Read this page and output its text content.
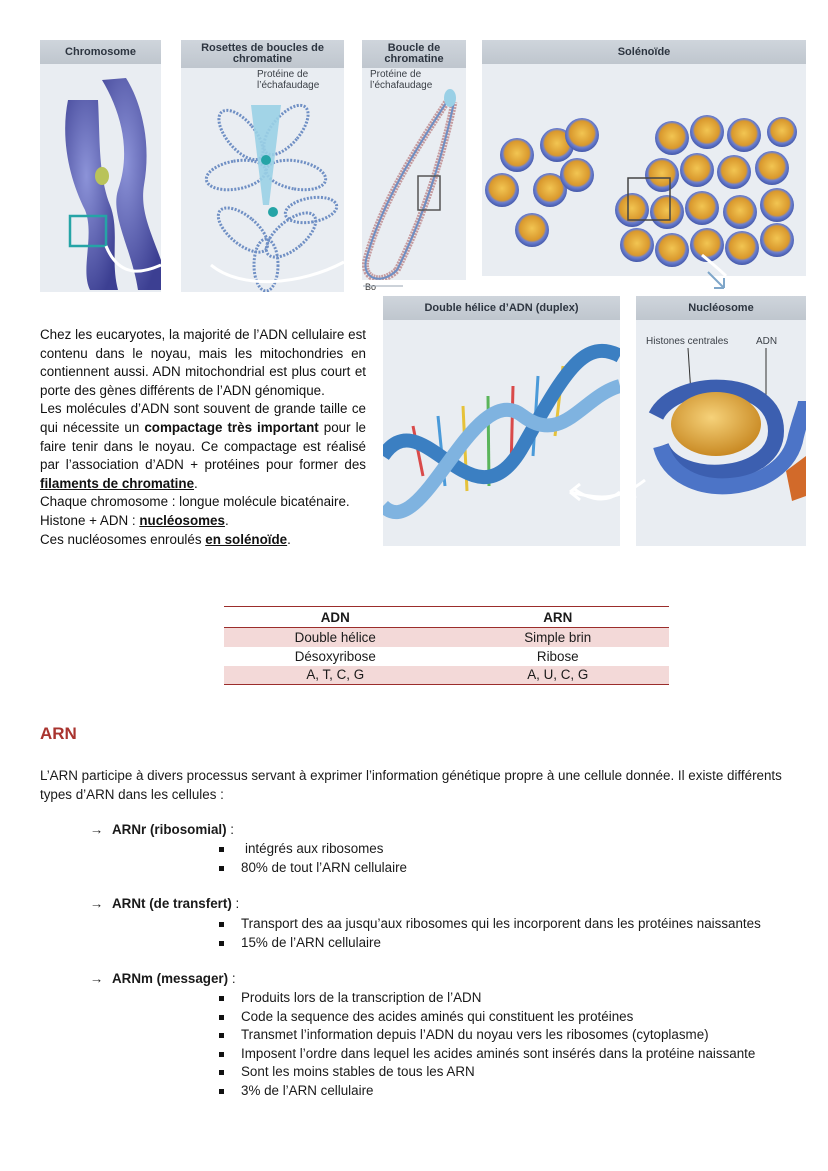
Chromosome	Rosettes de boucles de chromatine
Protéine de l’échafaudage
Boucle de chromatine
Protéine de l’échafaudage
Bo
Solénoïde
Double hélice d’ADN (duplex)	Nucléosome
Histones centrales	ADN

Chez les eucaryotes, la majorité de l’ADN cellulaire est contenu dans le noyau, mais les mitochondries en contiennent aussi. ADN mitochondrial est plus court et porte des gènes différents de l’ADN génomique.

Les molécules d’ADN sont souvent de grande taille ce qui nécessite un compactage très important pour le faire tenir dans le noyau. Ce compactage est réalisé par l’association d’ADN + protéines pour former des filaments de chromatine.

Chaque chromosome : longue molécule bicaténaire.

Histone + ADN : nucléosomes.

Ces nucléosomes enroulés en solénoïde.

ADN	ARN
Double hélice	Simple brin
Désoxyribose	Ribose
A, T, C, G	A, U, C, G
ARN
L’ARN participe à divers processus servant à exprimer l’information génétique propre à une cellule donnée. Il existe différents types d’ARN dans les cellules :
→ ARNr (ribosomial) :
intégrés aux ribosomes
80% de tout l’ARN cellulaire
→ ARNt (de transfert) :
Transport des aa jusqu’aux ribosomes qui les incorporent dans les protéines naissantes
15% de l’ARN cellulaire
→ ARNm (messager) :
Produits lors de la transcription de l’ADN
Code la sequence des acides aminés qui constituent les protéines
Transmet l’information depuis l’ADN du noyau vers les ribosomes (cytoplasme)
Imposent l’ordre dans lequel les acides aminés sont insérés dans la protéine naissante
Sont les moins stables de tous les ARN
3% de l’ARN cellulaire
